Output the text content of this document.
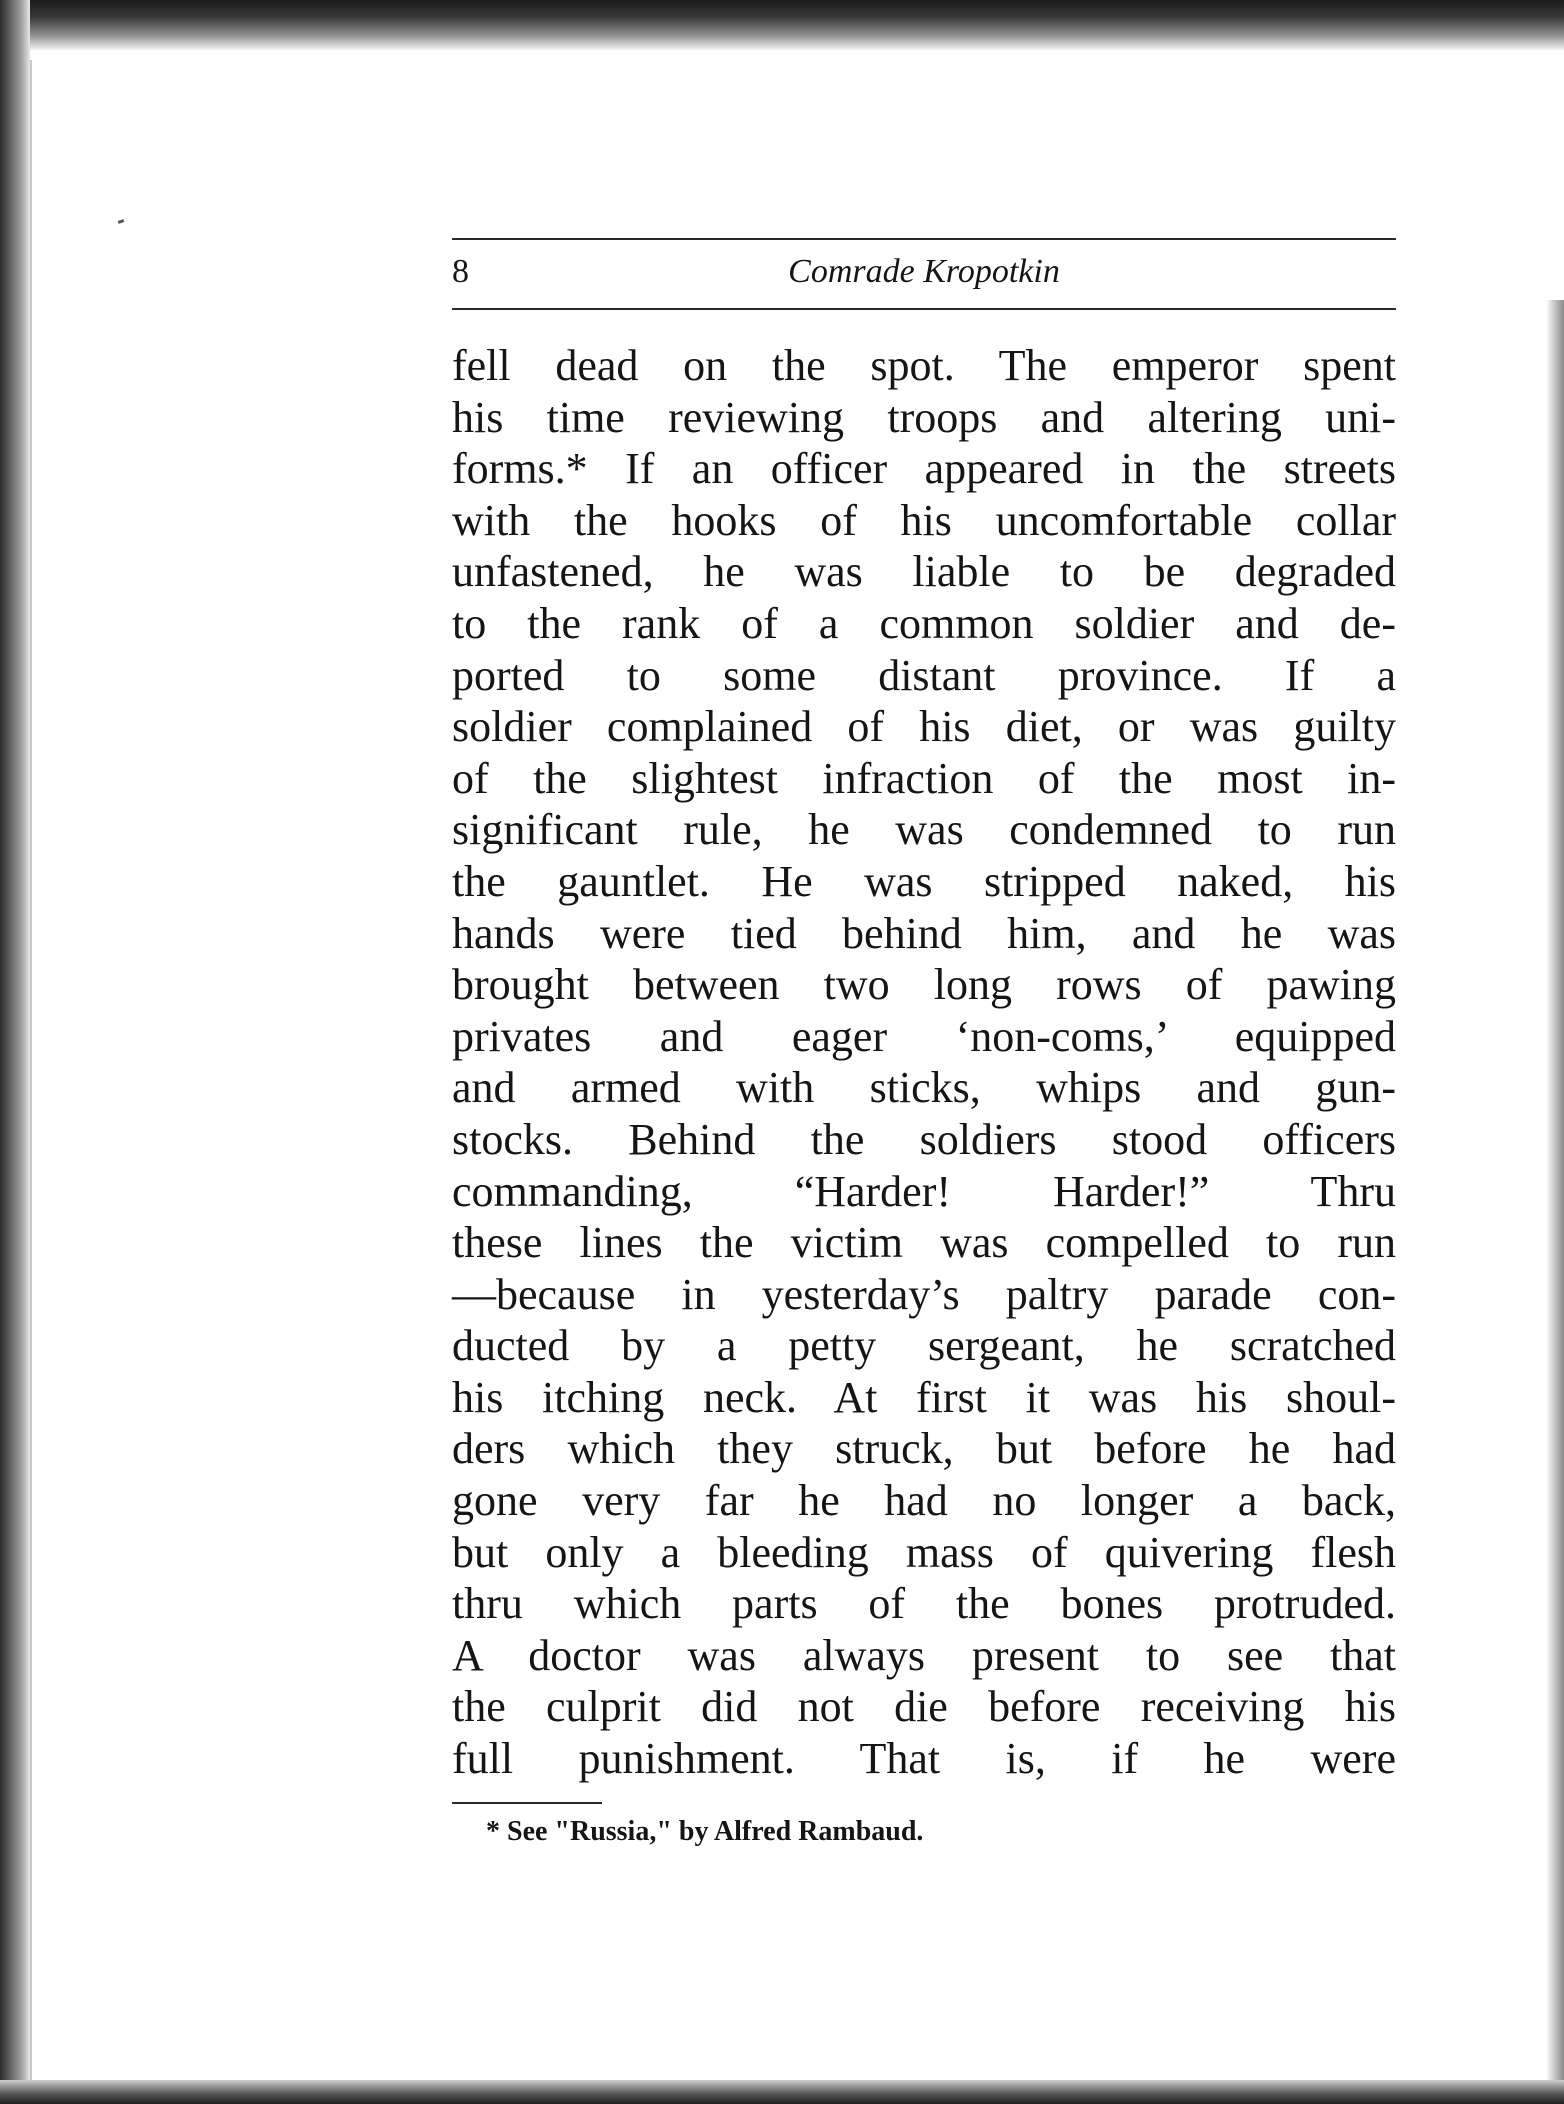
8	Comrade Kropotkin
fell dead on the spot. The emperor spent
his time reviewing troops and altering uni-
forms.* If an officer appeared in the streets
with the hooks of his uncomfortable collar
unfastened, he was liable to be degraded
to the rank of a common soldier and de-
ported to some distant province. If a
soldier complained of his diet, or was guilty
of the slightest infraction of the most in-
significant rule, he was condemned to run
the gauntlet. He was stripped naked, his
hands were tied behind him, and he was
brought between two long rows of pawing
privates and eager ‘non-coms,’ equipped
and armed with sticks, whips and gun-
stocks. Behind the soldiers stood officers
commanding, “Harder! Harder!” Thru
these lines the victim was compelled to run
—because in yesterday’s paltry parade con-
ducted by a petty sergeant, he scratched
his itching neck. At first it was his shoul-
ders which they struck, but before he had
gone very far he had no longer a back,
but only a bleeding mass of quivering flesh
thru which parts of the bones protruded.
A doctor was always present to see that
the culprit did not die before receiving his
full punishment. That is, if he were
* See "Russia," by Alfred Rambaud.
